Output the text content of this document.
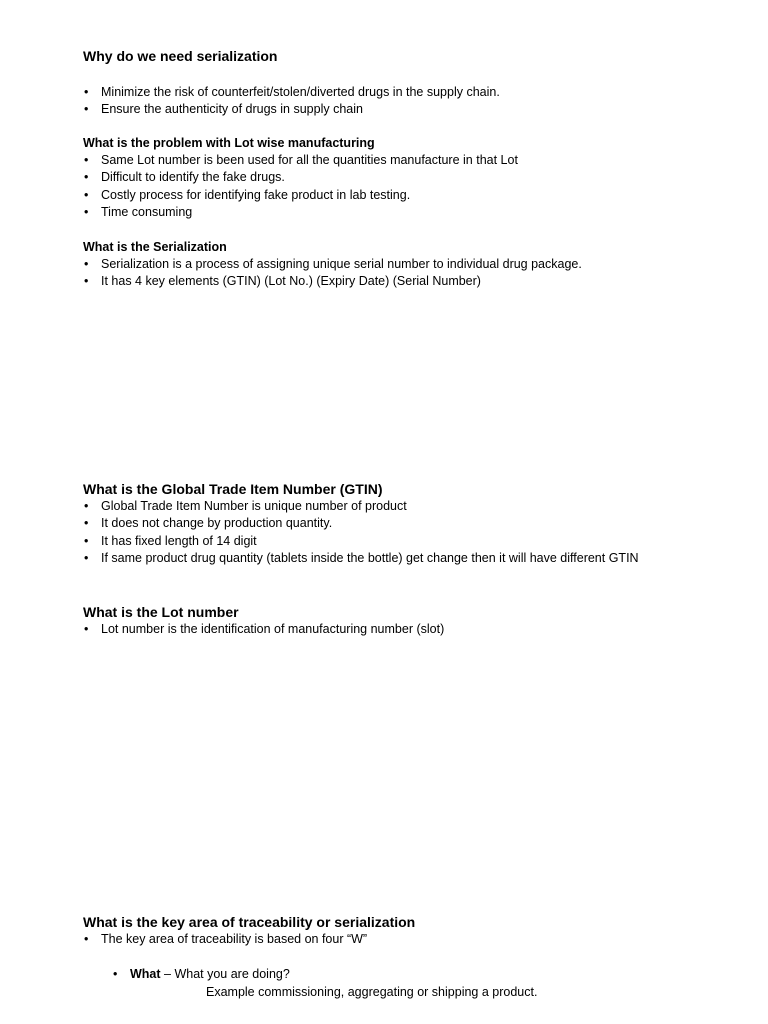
Why do we need serialization

• Minimize the risk of counterfeit/stolen/diverted drugs in the supply chain.
• Ensure the authenticity of drugs in supply chain

What is the problem with Lot wise manufacturing

• Same Lot number is been used for all the quantities manufacture in that Lot
• Difficult to identify the fake drugs.
• Costly process for identifying fake product in lab testing.
• Time consuming

What is the Serialization

• Serialization is a process of assigning unique serial number to individual drug package.
• It has 4 key elements (GTIN) (Lot No.) (Expiry Date) (Serial Number)

What is the Global Trade Item Number (GTIN)

• Global Trade Item Number is unique number of product
• It does not change by production quantity.
• It has fixed length of 14 digit
• If same product drug quantity (tablets inside the bottle) get change then it will have different GTIN

What is the Lot number

• Lot number is the identification of manufacturing number (slot)

What is the key area of traceability or serialization

• The key area of traceability is based on four “W”
• What – What you are doing?
Example commissioning, aggregating or shipping a product.
